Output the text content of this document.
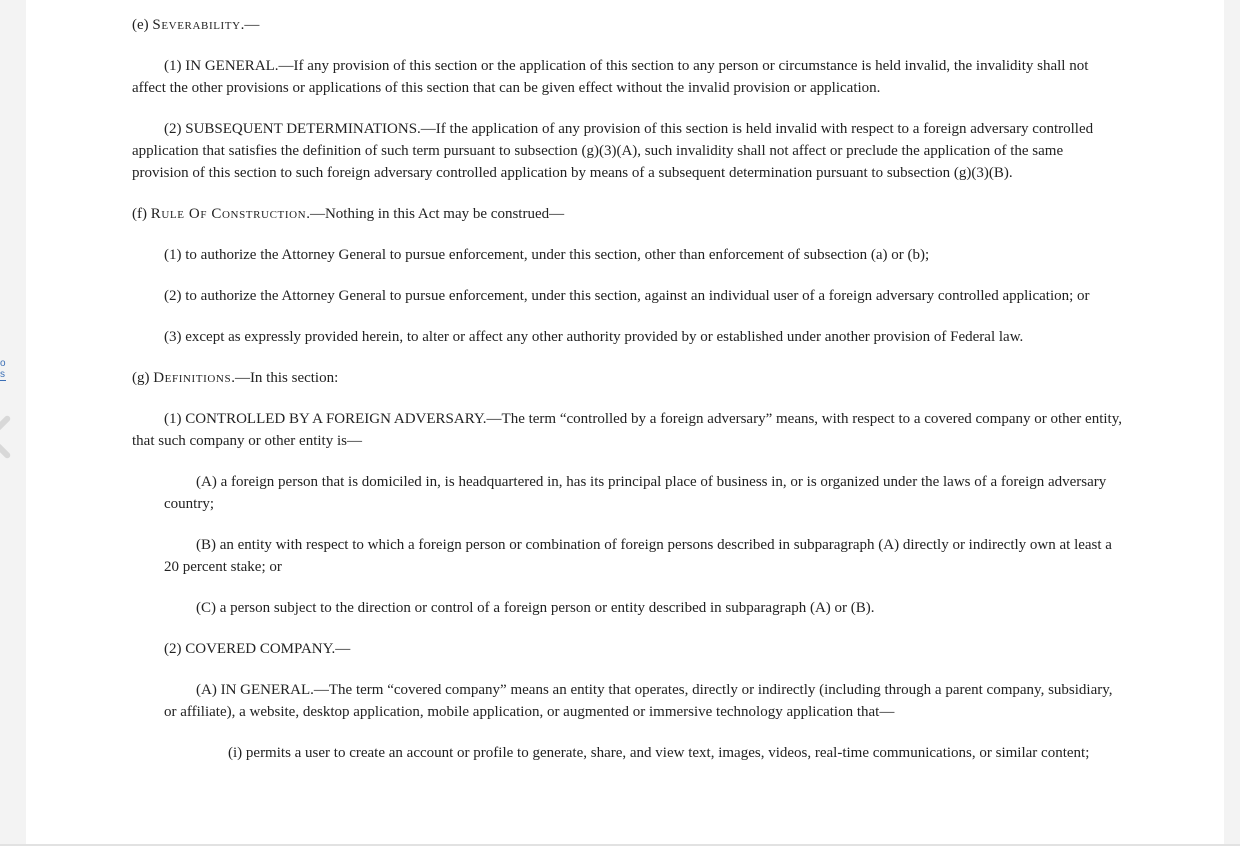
o s

(e) Severability.—

(1) IN GENERAL.—If any provision of this section or the application of this section to any person or circumstance is held invalid, the invalidity shall not affect the other provisions or applications of this section that can be given effect without the invalid provision or application.

(2) SUBSEQUENT DETERMINATIONS.—If the application of any provision of this section is held invalid with respect to a foreign adversary controlled application that satisfies the definition of such term pursuant to subsection (g)(3)(A), such invalidity shall not affect or preclude the application of the same provision of this section to such foreign adversary controlled application by means of a subsequent determination pursuant to subsection (g)(3)(B).

(f) Rule Of Construction.—Nothing in this Act may be construed—

(1) to authorize the Attorney General to pursue enforcement, under this section, other than enforcement of subsection (a) or (b);

(2) to authorize the Attorney General to pursue enforcement, under this section, against an individual user of a foreign adversary controlled application; or

(3) except as expressly provided herein, to alter or affect any other authority provided by or established under another provision of Federal law.

(g) Definitions.—In this section:

(1) CONTROLLED BY A FOREIGN ADVERSARY.—The term “controlled by a foreign adversary” means, with respect to a covered company or other entity, that such company or other entity is—

(A) a foreign person that is domiciled in, is headquartered in, has its principal place of business in, or is organized under the laws of a foreign adversary country;

(B) an entity with respect to which a foreign person or combination of foreign persons described in subparagraph (A) directly or indirectly own at least a 20 percent stake; or

(C) a person subject to the direction or control of a foreign person or entity described in subparagraph (A) or (B).

(2) COVERED COMPANY.—

(A) IN GENERAL.—The term “covered company” means an entity that operates, directly or indirectly (including through a parent company, subsidiary, or affiliate), a website, desktop application, mobile application, or augmented or immersive technology application that—

(i) permits a user to create an account or profile to generate, share, and view text, images, videos, real-time communications, or similar content;
